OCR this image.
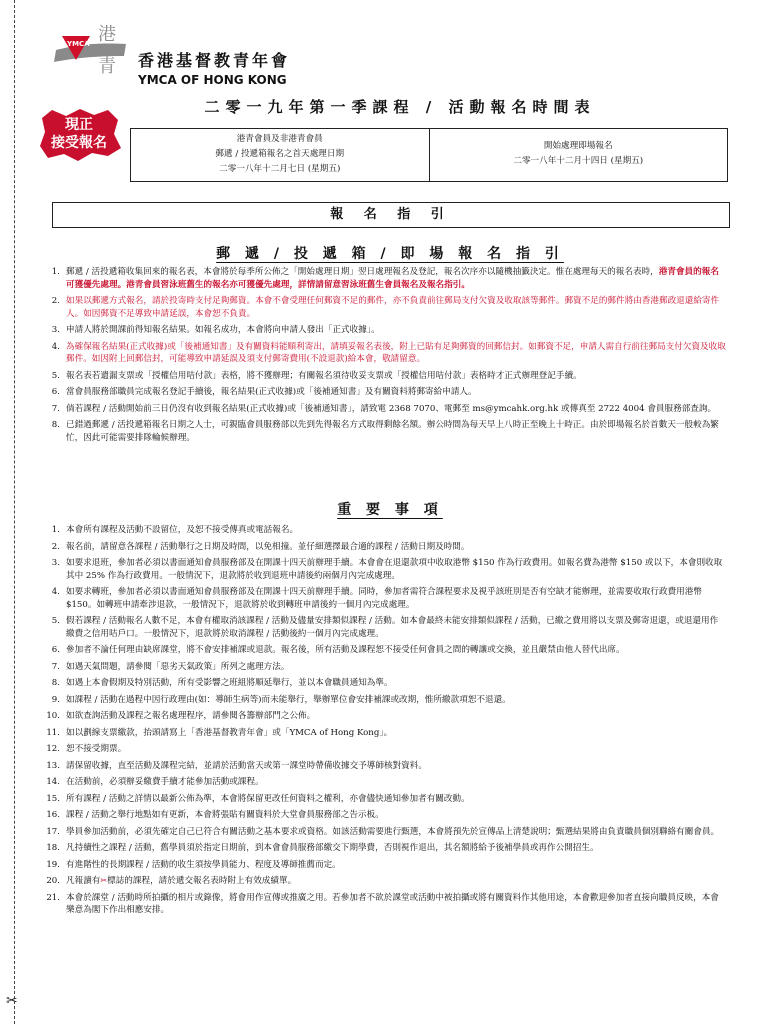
✂
YMCA 港
青 香港基督教青年會
YMCA OF HONG KONG
二零一九年第一季課程 / 活動報名時間表
現正
接受報名	港青會員及非港青會員
郵遞 / 投遞箱報名之首天處理日期
二零一八年十二月七日 (星期五)
開始處理即場報名
二零一八年十二月十四日 (星期五)
報 名 指 引
郵 遞 / 投 遞 箱 / 即 場 報 名 指 引
1. 郵遞 / 活投遞箱收集回來的報名表，本會將於每季所公佈之「開始處理日期」翌日處理報名及登記，報名次序亦以隨機抽籤決定。惟在處理每天的報名表時，港青會員的報名可獲優先處理。港青會員習泳班舊生的報名亦可獲優先處理，詳情請留意習泳班舊生會員報名及報名指引。
2. 如果以郵遞方式報名，請於投寄時支付足夠郵資。本會不會受理任何郵資不足的郵件，亦不負責前往郵局支付欠資及收取該等郵件。郵資不足的郵件將由香港郵政退還給寄件人。如因郵資不足導致申請延誤，本會恕不負責。
3. 申請人將於開課前得知報名結果。如報名成功，本會將向申請人發出「正式收據」。
4. 為確保報名結果(正式收據)或「後補通知書」及有關資料能順利寄出，請填妥報名表後，附上已貼有足夠郵資的回郵信封。如郵資不足，申請人需自行前往郵局支付欠資及收取郵件。如因附上回郵信封，可能導致申請延誤及須支付郵寄費用(不設退款)給本會，敬請留意。
5. 報名表若遺漏支票或「授權信用咭付款」表格，將不獲辦理；有關報名須待收妥支票或「授權信用咭付款」表格時才正式辦理登記手續。
6. 當會員服務部職員完成報名登記手續後，報名結果(正式收據)或「後補通知書」及有關資料將郵寄給申請人。
7. 倘若課程 / 活動開始前三日仍沒有收到報名結果(正式收據)或「後補通知書」，請致電 2368 7070、電郵至 ms@ymcahk.org.hk 或傳真至 2722 4004 會員服務部查詢。
8. 已錯過郵遞 / 活投遞箱報名日期之人士，可親臨會員服務部以先到先得報名方式取得剩餘名額。辦公時間為每天早上八時正至晚上十時正。由於即場報名於首數天一般較為繁忙，因此可能需要排隊輪候辦理。
重 要 事 項
1. 本會所有課程及活動不設留位，及恕不接受傳真或電話報名。
2. 報名前，請留意各課程 / 活動舉行之日期及時間，以免相撞。並仔細選擇最合適的課程 / 活動日期及時間。
3. 如要求退班，參加者必須以書面通知會員服務部及在開課十四天前辦理手續。本會會在退還款項中收取港幣 $150 作為行政費用。如報名費為港幣 $150 或以下，本會則收取其中 25% 作為行政費用。一般情況下，退款將於收到退班申請後約兩個月內完成處理。
4. 如要求轉班，參加者必須以書面通知會員服務部及在開課十四天前辦理手續。同時，參加者需符合課程要求及視乎該班別是否有空缺才能辦理，並需要收取行政費用港幣 $150。如轉班申請牽涉退款，一般情況下，退款將於收到轉班申請後約一個月內完成處理。
5. 假若課程 / 活動報名人數不足，本會有權取消該課程 / 活動及儘量安排類似課程 / 活動。如本會最終未能安排類似課程 / 活動，已繳之費用將以支票及郵寄退還，或退還用作繳費之信用咭戶口。一般情況下，退款將於取消課程 / 活動後約一個月內完成處理。
6. 參加者不論任何理由缺席課堂，將不會安排補課或退款。報名後，所有活動及課程恕不接受任何會員之間的轉讓或交換，並且嚴禁由他人替代出席。
7. 如遇天氣問題，請參閱「惡劣天氣政策」所列之處理方法。
8. 如遇上本會假期及特別活動，所有受影響之班組將順延舉行，並以本會職員通知為準。
9. 如課程 / 活動在過程中因行政理由(如：導師生病等)而未能舉行，舉辦單位會安排補課或改期，惟所繳款項恕不退還。
10. 如欲查詢活動及課程之報名處理程序，請參閱各籌辦部門之公佈。
11. 如以劃線支票繳款，抬頭請寫上「香港基督教青年會」或「YMCA of Hong Kong」。
12. 恕不接受期票。
13. 請保留收據，直至活動及課程完結，並請於活動當天或第一課堂時帶備收據交予導師核對資料。
14. 在活動前，必須辦妥繳費手續才能參加活動或課程。
15. 所有課程 / 活動之詳情以最新公佈為準，本會將保留更改任何資料之權利，亦會儘快通知參加者有關改動。
16. 課程 / 活動之舉行地點如有更新，本會將張貼有關資料於大堂會員服務部之告示板。
17. 學員參加活動前，必須先確定自己已符合有關活動之基本要求或資格。如該活動需要進行甄選，本會將預先於宣傳品上清楚說明；甄選結果將由負責職員個別聯絡有關會員。
18. 凡持續性之課程 / 活動，舊學員須於指定日期前，到本會會員服務部繳交下期學費，否則視作退出，其名額將給予後補學員或再作公開招生。
19. 有進階性的長期課程 / 活動的收生須按學員能力、程度及導師推薦而定。
20. 凡報讀有✂標誌的課程，請於遞交報名表時附上有效成績單。
21. 本會於課堂 / 活動時所拍攝的相片或錄像，將會用作宣傳或推廣之用。若參加者不欲於課堂或活動中被拍攝或將有關資料作其他用途，本會歡迎參加者直接向職員反映，本會樂意為閣下作出相應安排。
